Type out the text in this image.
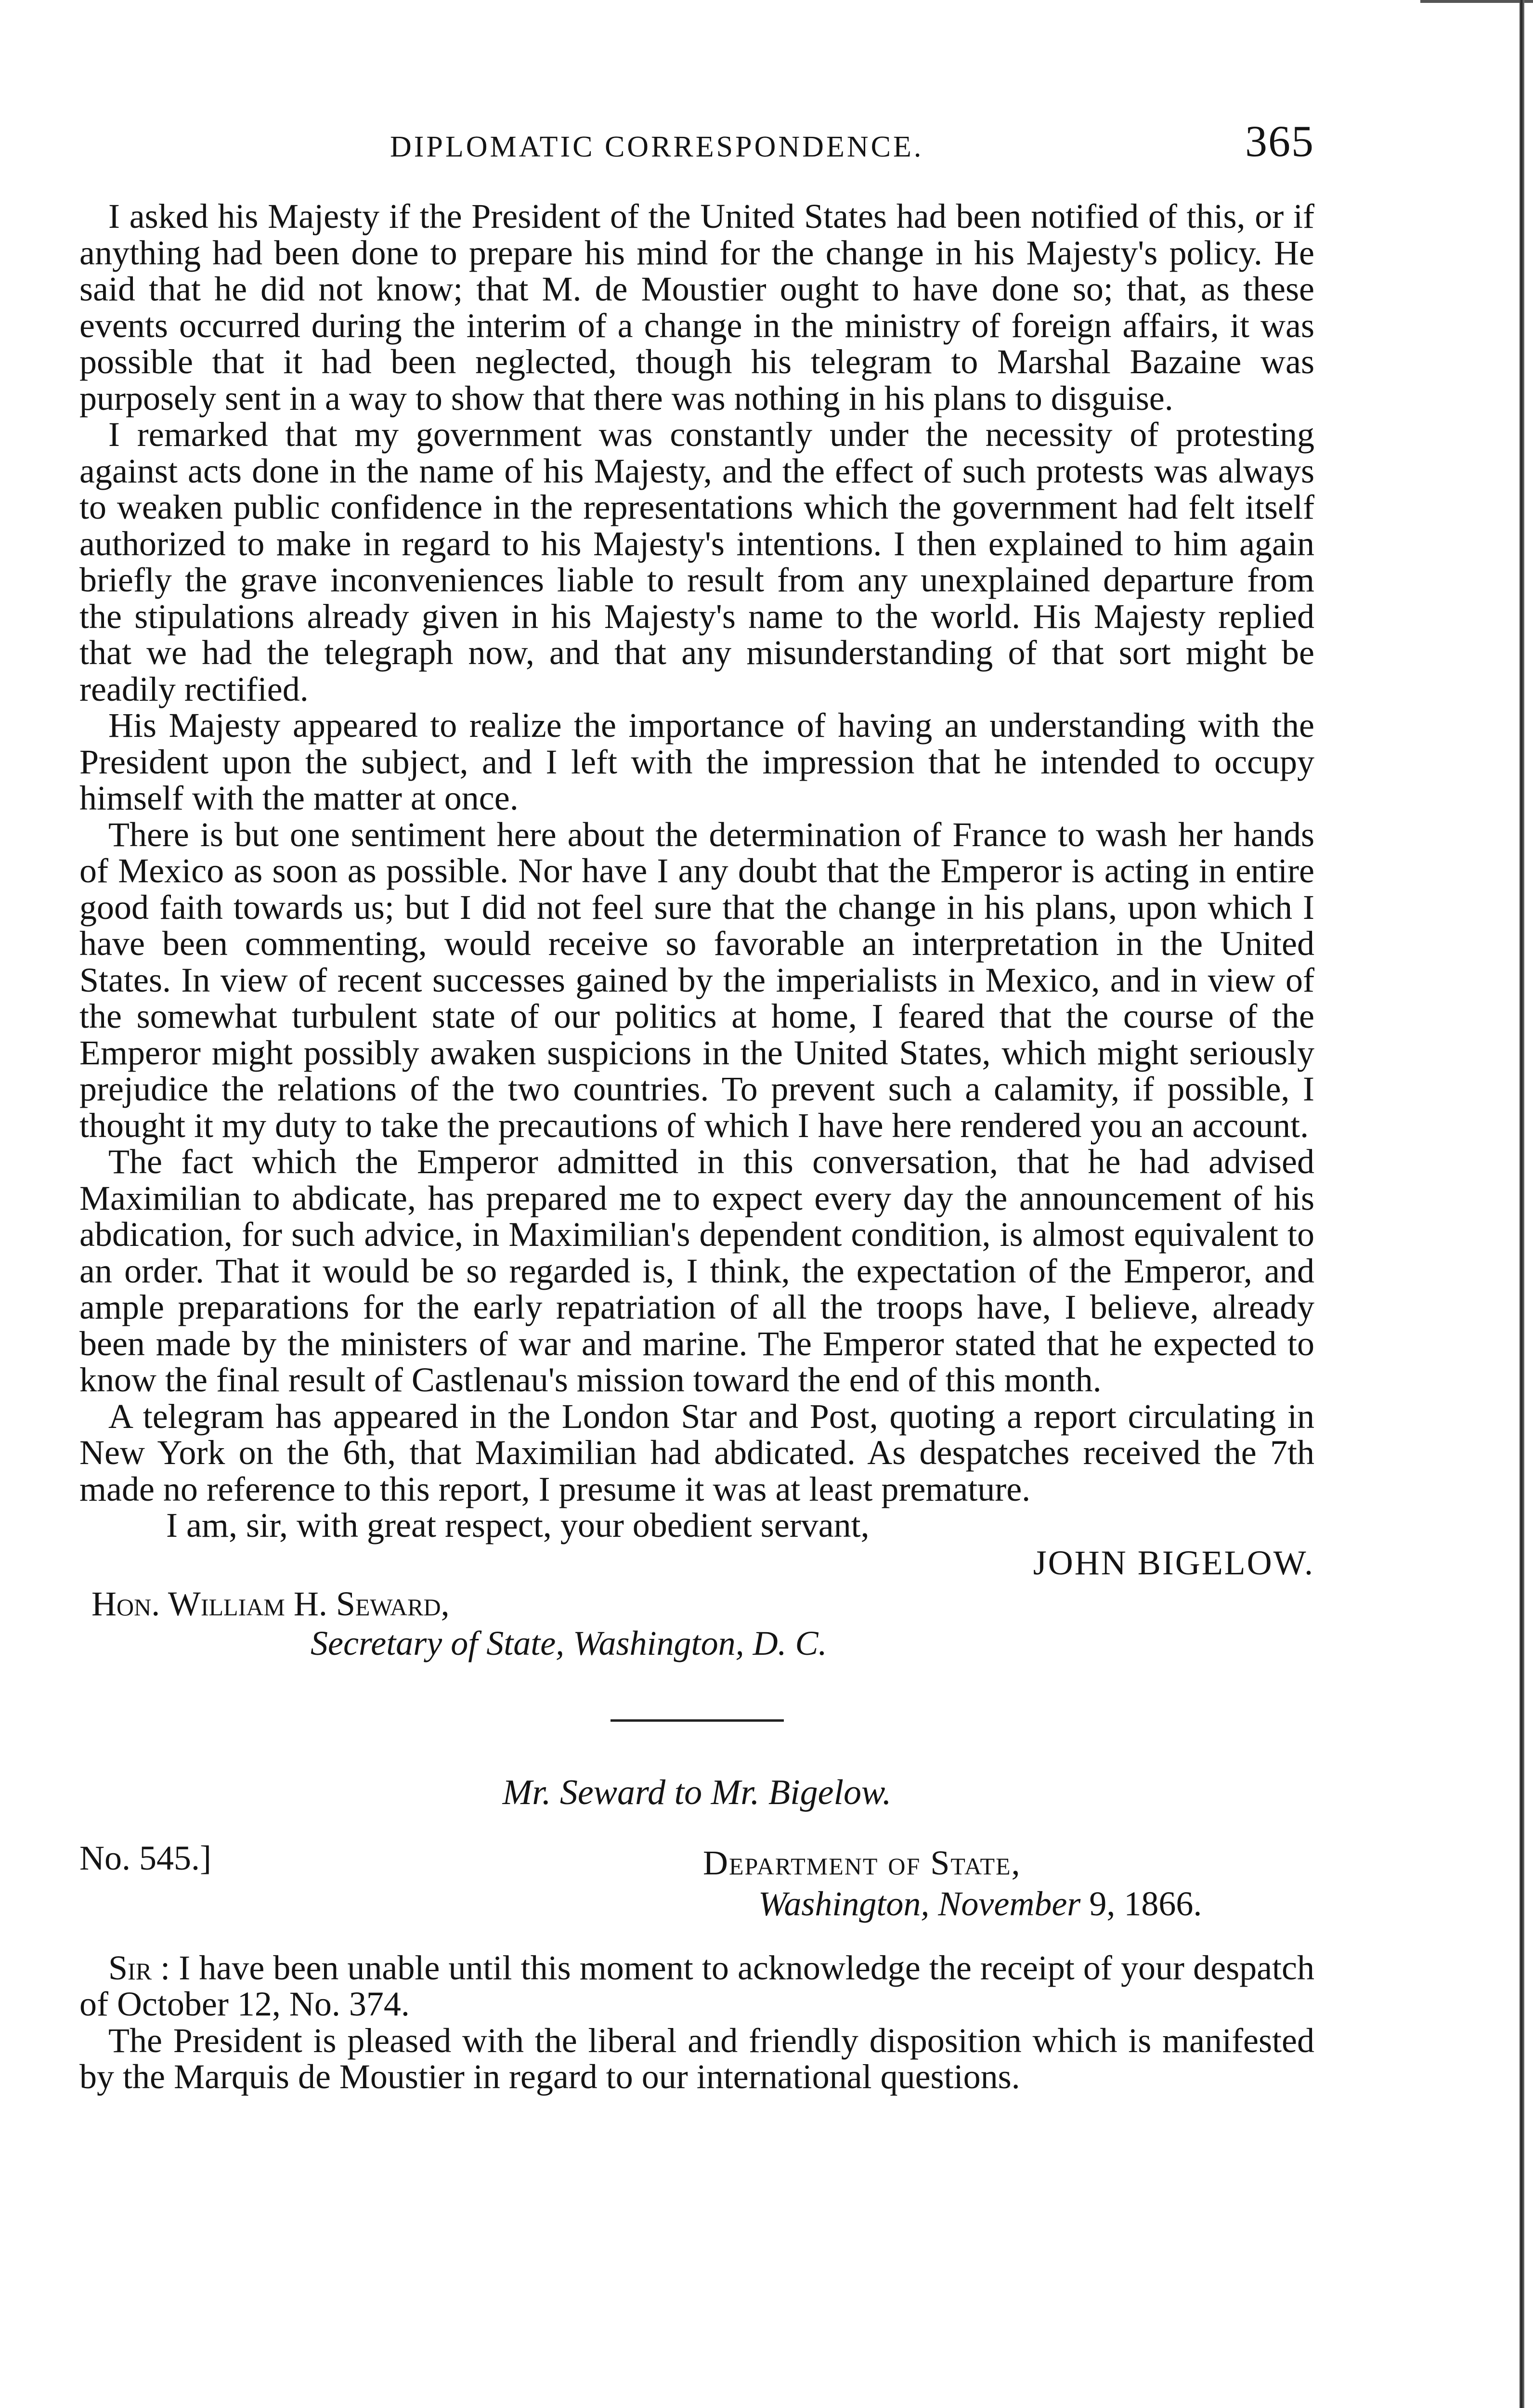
DIPLOMATIC CORRESPONDENCE.	365

I asked his Majesty if the President of the United States had been notified of this, or if anything had been done to prepare his mind for the change in his Majesty's policy. He said that he did not know; that M. de Moustier ought to have done so; that, as these events occurred during the interim of a change in the ministry of foreign affairs, it was possible that it had been neglected, though his telegram to Marshal Bazaine was purposely sent in a way to show that there was nothing in his plans to disguise.

I remarked that my government was constantly under the necessity of protesting against acts done in the name of his Majesty, and the effect of such protests was always to weaken public confidence in the representations which the government had felt itself authorized to make in regard to his Majesty's intentions. I then explained to him again briefly the grave inconveniences liable to result from any unexplained departure from the stipulations already given in his Majesty's name to the world. His Majesty replied that we had the telegraph now, and that any misunderstanding of that sort might be readily rectified.

His Majesty appeared to realize the importance of having an understanding with the President upon the subject, and I left with the impression that he intended to occupy himself with the matter at once.

There is but one sentiment here about the determination of France to wash her hands of Mexico as soon as possible. Nor have I any doubt that the Emperor is acting in entire good faith towards us; but I did not feel sure that the change in his plans, upon which I have been commenting, would receive so favorable an interpretation in the United States. In view of recent successes gained by the imperialists in Mexico, and in view of the somewhat turbulent state of our politics at home, I feared that the course of the Emperor might possibly awaken suspicions in the United States, which might seriously prejudice the relations of the two countries. To prevent such a calamity, if possible, I thought it my duty to take the precautions of which I have here rendered you an account.

The fact which the Emperor admitted in this conversation, that he had advised Maximilian to abdicate, has prepared me to expect every day the announcement of his abdication, for such advice, in Maximilian's dependent condition, is almost equivalent to an order. That it would be so regarded is, I think, the expectation of the Emperor, and ample preparations for the early repatriation of all the troops have, I believe, already been made by the ministers of war and marine. The Emperor stated that he expected to know the final result of Castlenau's mission toward the end of this month.

A telegram has appeared in the London Star and Post, quoting a report circulating in New York on the 6th, that Maximilian had abdicated. As despatches received the 7th made no reference to this report, I presume it was at least premature.

I am, sir, with great respect, your obedient servant,

JOHN BIGELOW.
Hon. William H. Seward,
Secretary of State, Washington, D. C.
Mr. Seward to Mr. Bigelow.
No. 545.]	Department of State,
Washington, November 9, 1866.

Sir : I have been unable until this moment to acknowledge the receipt of your despatch of October 12, No. 374.

The President is pleased with the liberal and friendly disposition which is manifested by the Marquis de Moustier in regard to our international questions.
